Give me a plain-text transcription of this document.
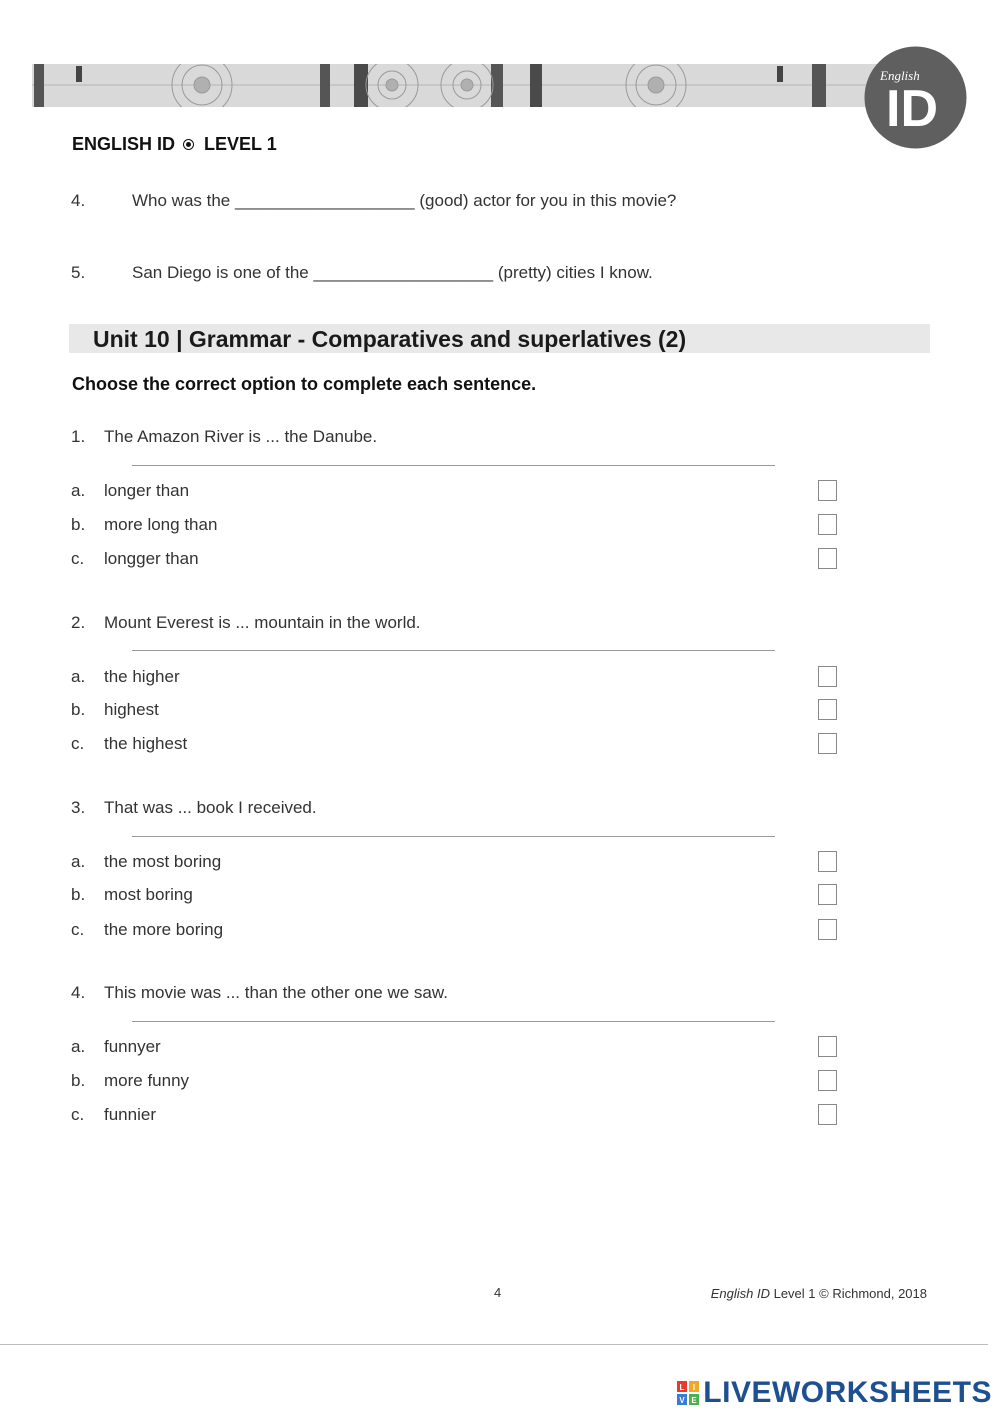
English
ID
ENGLISH ID LEVEL 1
4.	Who was the ___________________ (good) actor for you in this movie?
5.	San Diego is one of the ___________________ (pretty) cities I know.
Unit 10 | Grammar - Comparatives and superlatives (2)
Choose the correct option to complete each sentence.
1. The Amazon River is ... the Danube.
a. longer than
b. more long than
c. longger than
2. Mount Everest is ... mountain in the world.
a. the higher
b. highest
c. the highest
3. That was ... book I received.
a. the most boring
b. most boring
c. the more boring
4. This movie was ... than the other one we saw.
a. funnyer
b. more funny
c. funnier
4	English ID Level 1 © Richmond, 2018
L I
V E LIVEWORKSHEETS
